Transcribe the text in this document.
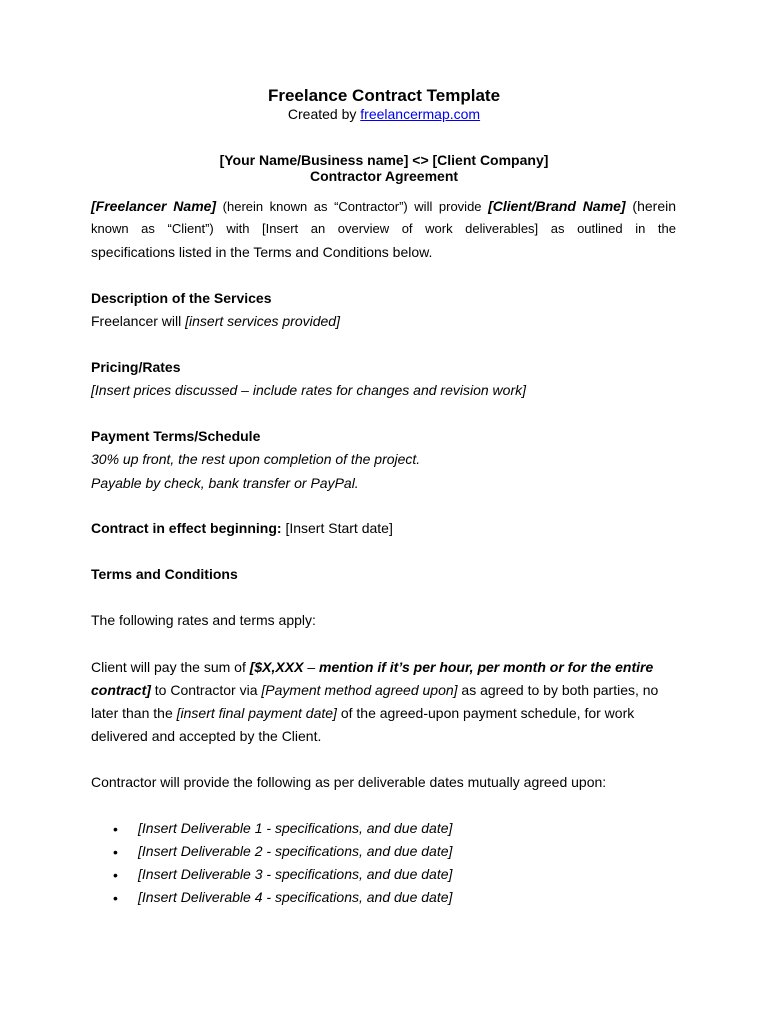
Freelance Contract Template
Created by freelancermap.com
[Your Name/Business name] <> [Client Company]
Contractor Agreement
[Freelancer Name] (herein known as “Contractor”) will provide [Client/Brand Name] (herein
known as “Client”) with [Insert an overview of work deliverables] as outlined in the
specifications listed in the Terms and Conditions below.
Description of the Services
Freelancer will [insert services provided]
Pricing/Rates
[Insert prices discussed – include rates for changes and revision work]
Payment Terms/Schedule
30% up front, the rest upon completion of the project.
Payable by check, bank transfer or PayPal.
Contract in effect beginning: [Insert Start date]
Terms and Conditions
The following rates and terms apply:
Client will pay the sum of [$X,XXX – mention if it’s per hour, per month or for the entire
contract] to Contractor via [Payment method agreed upon] as agreed to by both parties, no
later than the [insert final payment date] of the agreed-upon payment schedule, for work
delivered and accepted by the Client.
Contractor will provide the following as per deliverable dates mutually agreed upon:
• [Insert Deliverable 1 - specifications, and due date]
• [Insert Deliverable 2 - specifications, and due date]
• [Insert Deliverable 3 - specifications, and due date]
• [Insert Deliverable 4 - specifications, and due date]
